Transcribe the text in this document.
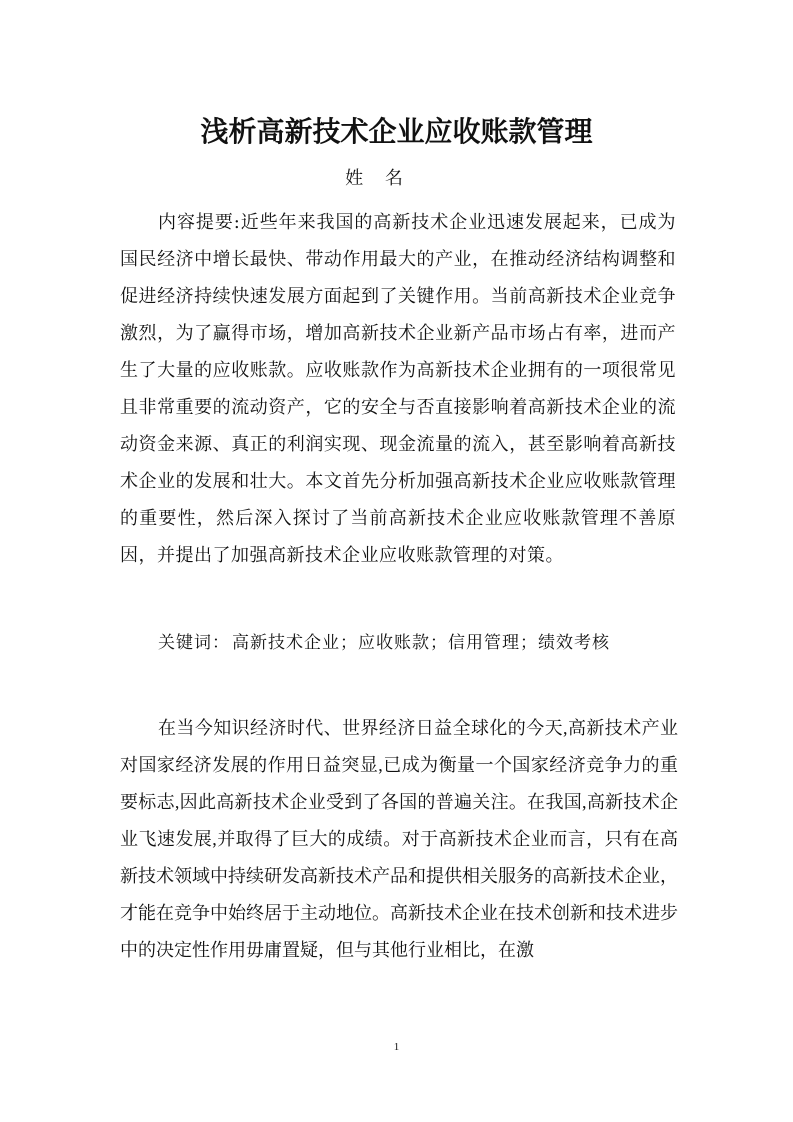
浅析高新技术企业应收账款管理

姓 名

内容提要:近些年来我国的高新技术企业迅速发展起来，已成为国民经济中增长最快、带动作用最大的产业，在推动经济结构调整和促进经济持续快速发展方面起到了关键作用。当前高新技术企业竞争激烈，为了赢得市场，增加高新技术企业新产品市场占有率，进而产生了大量的应收账款。应收账款作为高新技术企业拥有的一项很常见且非常重要的流动资产，它的安全与否直接影响着高新技术企业的流动资金来源、真正的利润实现、现金流量的流入，甚至影响着高新技术企业的发展和壮大。本文首先分析加强高新技术企业应收账款管理的重要性，然后深入探讨了当前高新技术企业应收账款管理不善原因，并提出了加强高新技术企业应收账款管理的对策。

关键词： 高新技术企业；应收账款；信用管理；绩效考核

在当今知识经济时代、世界经济日益全球化的今天,高新技术产业对国家经济发展的作用日益突显,已成为衡量一个国家经济竞争力的重要标志,因此高新技术企业受到了各国的普遍关注。在我国,高新技术企业飞速发展,并取得了巨大的成绩。对于高新技术企业而言，只有在高新技术领域中持续研发高新技术产品和提供相关服务的高新技术企业，才能在竞争中始终居于主动地位。高新技术企业在技术创新和技术进步中的决定性作用毋庸置疑，但与其他行业相比，在激

1
